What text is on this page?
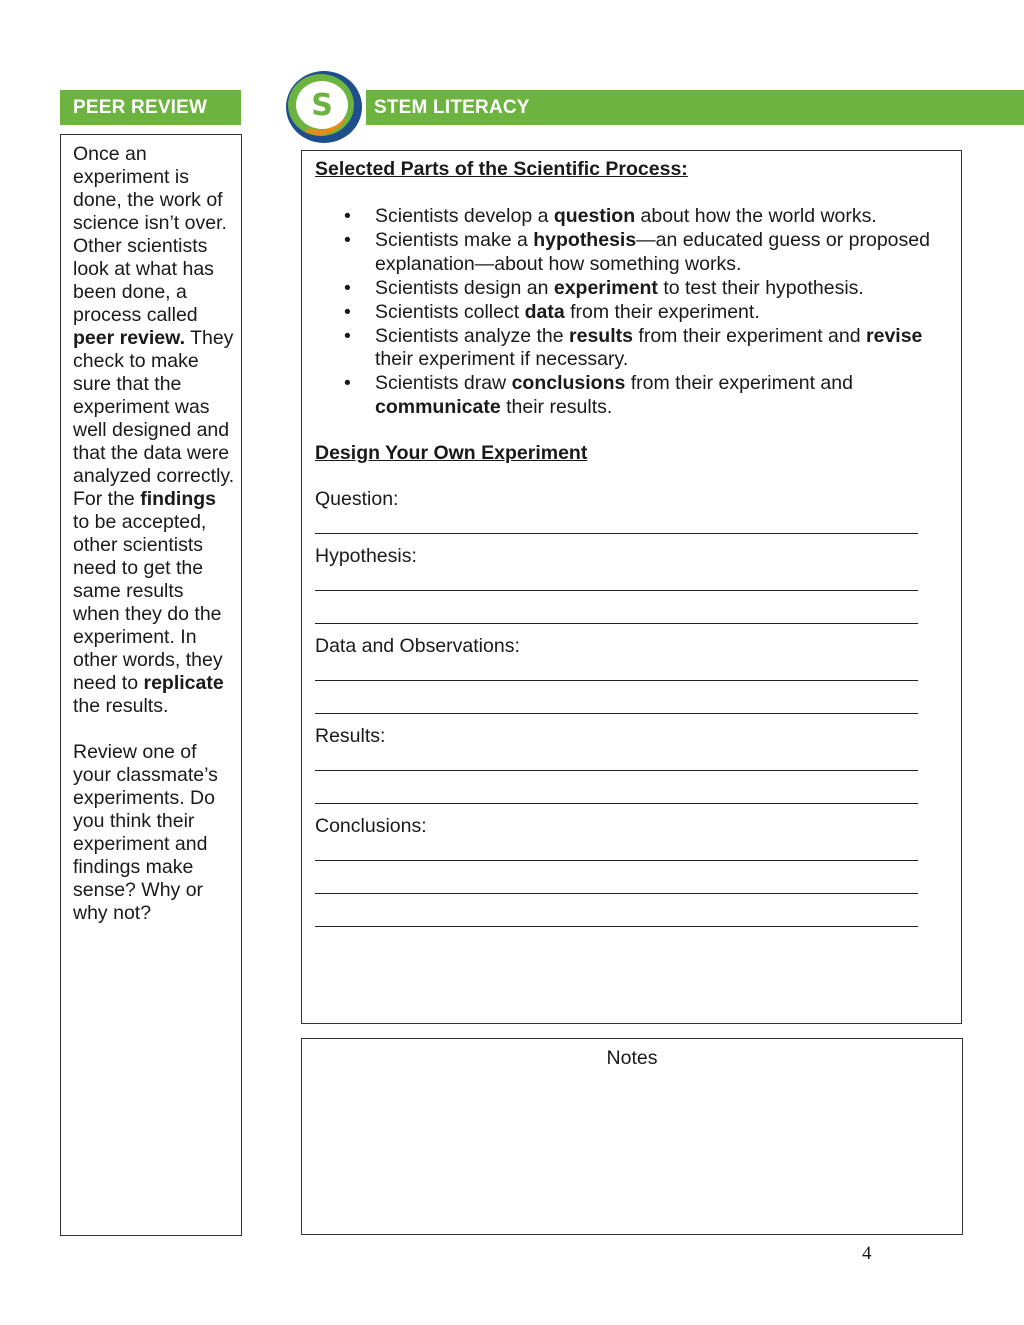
PEER REVIEW

Once an experiment is done, the work of science isn’t over. Other scientists look at what has been done, a process called peer review. They check to make sure that the experiment was well designed and that the data were analyzed correctly. For the findings to be accepted, other scientists need to get the same results when they do the experiment. In other words, they need to replicate the results.

Review one of your classmate’s experiments. Do you think their experiment and findings make sense? Why or why not?

S STEM LITERACY

Selected Parts of the Scientific Process:

• Scientists develop a question about how the world works.
• Scientists make a hypothesis—an educated guess or proposed explanation—about how something works.
• Scientists design an experiment to test their hypothesis.
• Scientists collect data from their experiment.
• Scientists analyze the results from their experiment and revise their experiment if necessary.
• Scientists draw conclusions from their experiment and communicate their results.

Design Your Own Experiment

Question:

Hypothesis:

Data and Observations:

Results:

Conclusions:

Notes
4
